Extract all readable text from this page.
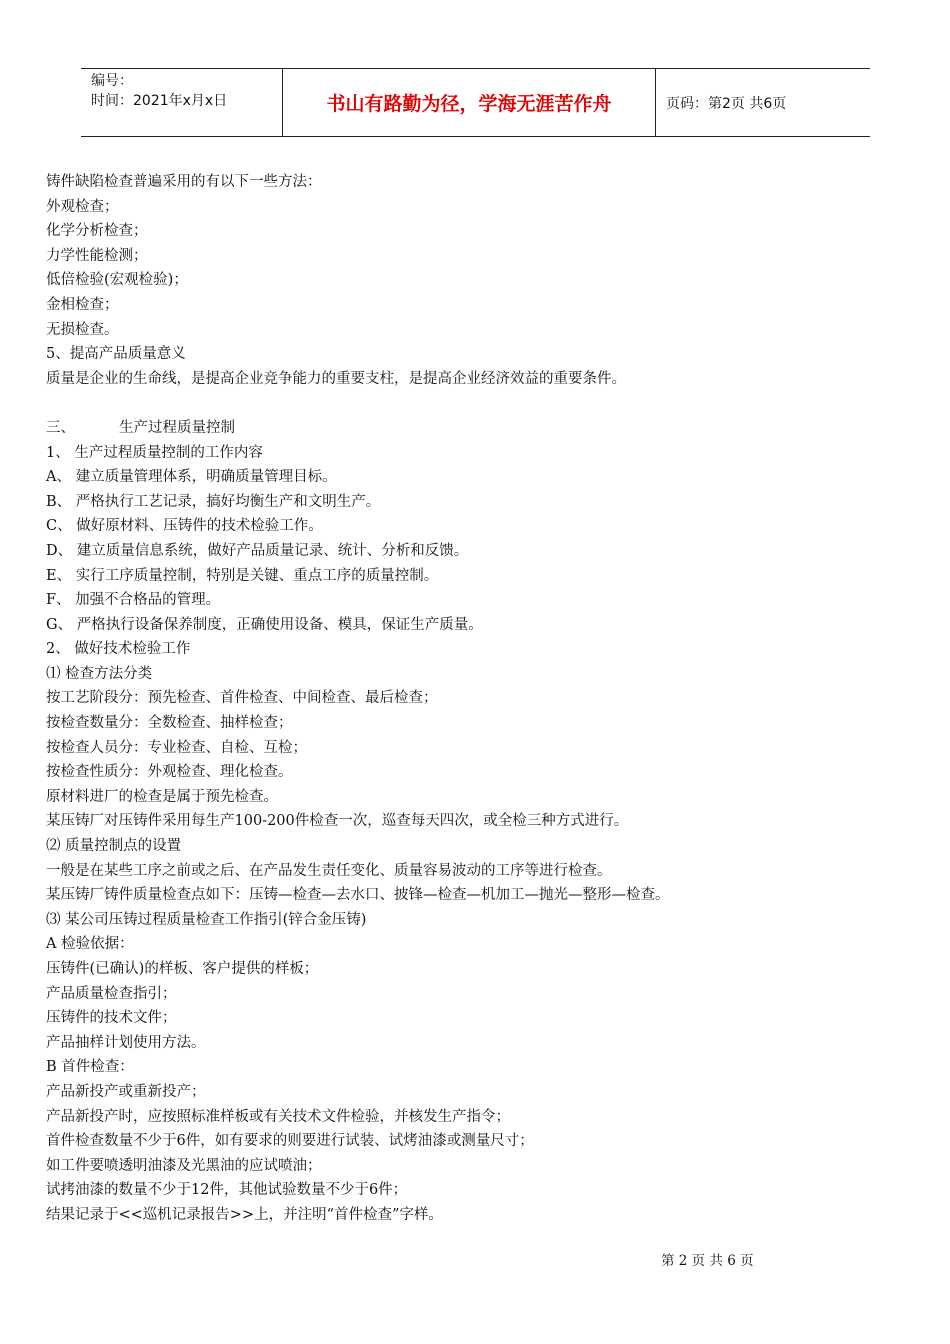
编号：
时间：2021年x月x日	书山有路勤为径，学海无涯苦作舟	页码：第2页 共6页
铸件缺陷检查普遍采用的有以下一些方法：
外观检查；
化学分析检查；
力学性能检测；
低倍检验(宏观检验)；
金相检查；
无损检查。
5、提高产品质量意义
质量是企业的生命线，是提高企业竞争能力的重要支柱，是提高企业经济效益的重要条件。
三、	生产过程质量控制
1、 生产过程质量控制的工作内容
A、 建立质量管理体系，明确质量管理目标。
B、 严格执行工艺记录，搞好均衡生产和文明生产。
C、 做好原材料、压铸件的技术检验工作。
D、 建立质量信息系统，做好产品质量记录、统计、分析和反馈。
E、 实行工序质量控制，特别是关键、重点工序的质量控制。
F、 加强不合格品的管理。
G、 严格执行设备保养制度，正确使用设备、模具，保证生产质量。
2、 做好技术检验工作
⑴ 检查方法分类
按工艺阶段分：预先检查、首件检查、中间检查、最后检查；
按检查数量分：全数检查、抽样检查；
按检查人员分：专业检查、自检、互检；
按检查性质分：外观检查、理化检查。
原材料进厂的检查是属于预先检查。
某压铸厂对压铸件采用每生产100-200件检查一次，巡查每天四次，或全检三种方式进行。
⑵ 质量控制点的设置
一般是在某些工序之前或之后、在产品发生责任变化、质量容易波动的工序等进行检查。
某压铸厂铸件质量检查点如下：压铸—检查—去水口、披锋—检查—机加工—抛光—整形—检查。
⑶ 某公司压铸过程质量检查工作指引(锌合金压铸)
A 检验依据：
压铸件(已确认)的样板、客户提供的样板；
产品质量检查指引；
压铸件的技术文件；
产品抽样计划使用方法。
B 首件检查：
产品新投产或重新投产；
产品新投产时，应按照标准样板或有关技术文件检验，并核发生产指令；
首件检查数量不少于6件，如有要求的则要进行试装、试烤油漆或测量尺寸；
如工件要喷透明油漆及光黑油的应试喷油；
试拷油漆的数量不少于12件，其他试验数量不少于6件；
结果记录于<<巡机记录报告>>上，并注明“首件检查”字样。
第 2 页 共 6 页
